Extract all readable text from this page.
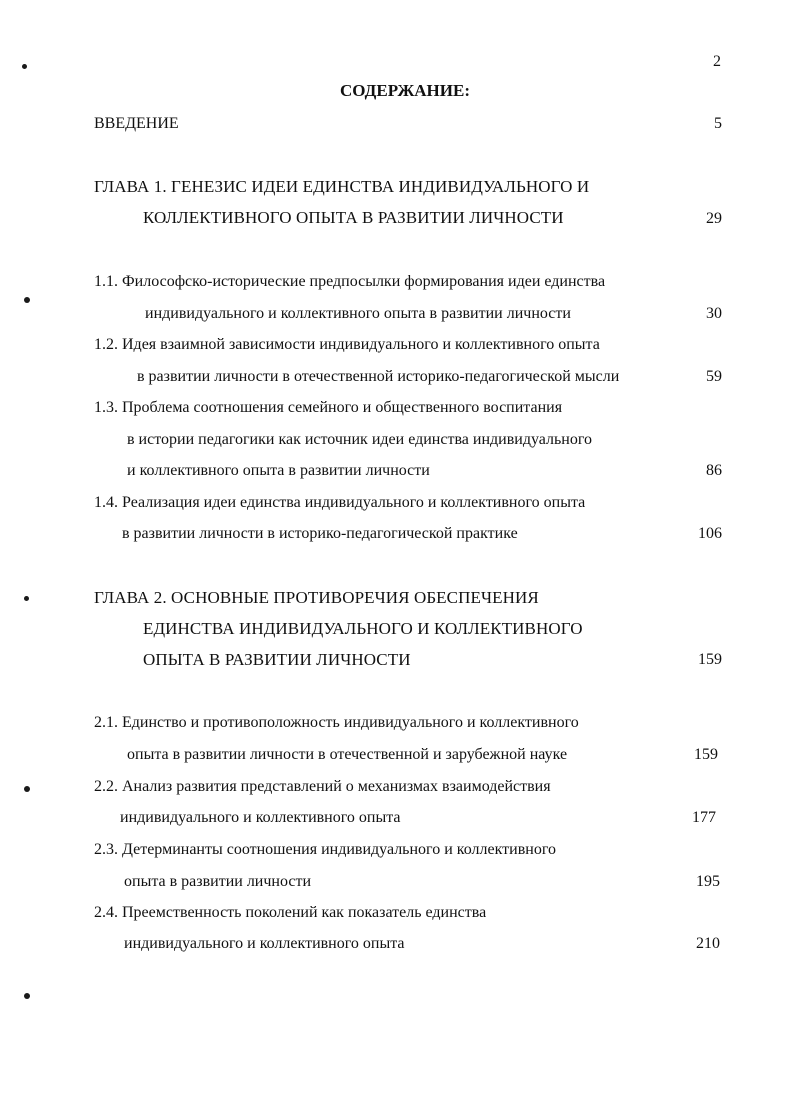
2
СОДЕРЖАНИЕ:
ВВЕДЕНИЕ	5
ГЛАВА 1. ГЕНЕЗИС ИДЕИ ЕДИНСТВА ИНДИВИДУАЛЬНОГО И
КОЛЛЕКТИВНОГО ОПЫТА В РАЗВИТИИ ЛИЧНОСТИ	29
1.1. Философско-исторические предпосылки формирования идеи единства
индивидуального и коллективного опыта в развитии личности	30
1.2. Идея взаимной зависимости индивидуального и коллективного опыта
в развитии личности в отечественной историко-педагогической мысли	59
1.3. Проблема соотношения семейного и общественного воспитания
в истории педагогики как источник идеи единства индивидуального
и коллективного опыта в развитии личности	86
1.4. Реализация идеи единства индивидуального и коллективного опыта
в развитии личности в историко-педагогической практике	106
ГЛАВА 2. ОСНОВНЫЕ ПРОТИВОРЕЧИЯ ОБЕСПЕЧЕНИЯ
ЕДИНСТВА ИНДИВИДУАЛЬНОГО И КОЛЛЕКТИВНОГО
ОПЫТА В РАЗВИТИИ ЛИЧНОСТИ	159
2.1. Единство и противоположность индивидуального и коллективного
опыта в развитии личности в отечественной и зарубежной науке	159
2.2. Анализ развития представлений о механизмах взаимодействия
индивидуального и коллективного опыта	177
2.3. Детерминанты соотношения индивидуального и коллективного
опыта в развитии личности	195
2.4. Преемственность поколений как показатель единства
индивидуального и коллективного опыта	210
